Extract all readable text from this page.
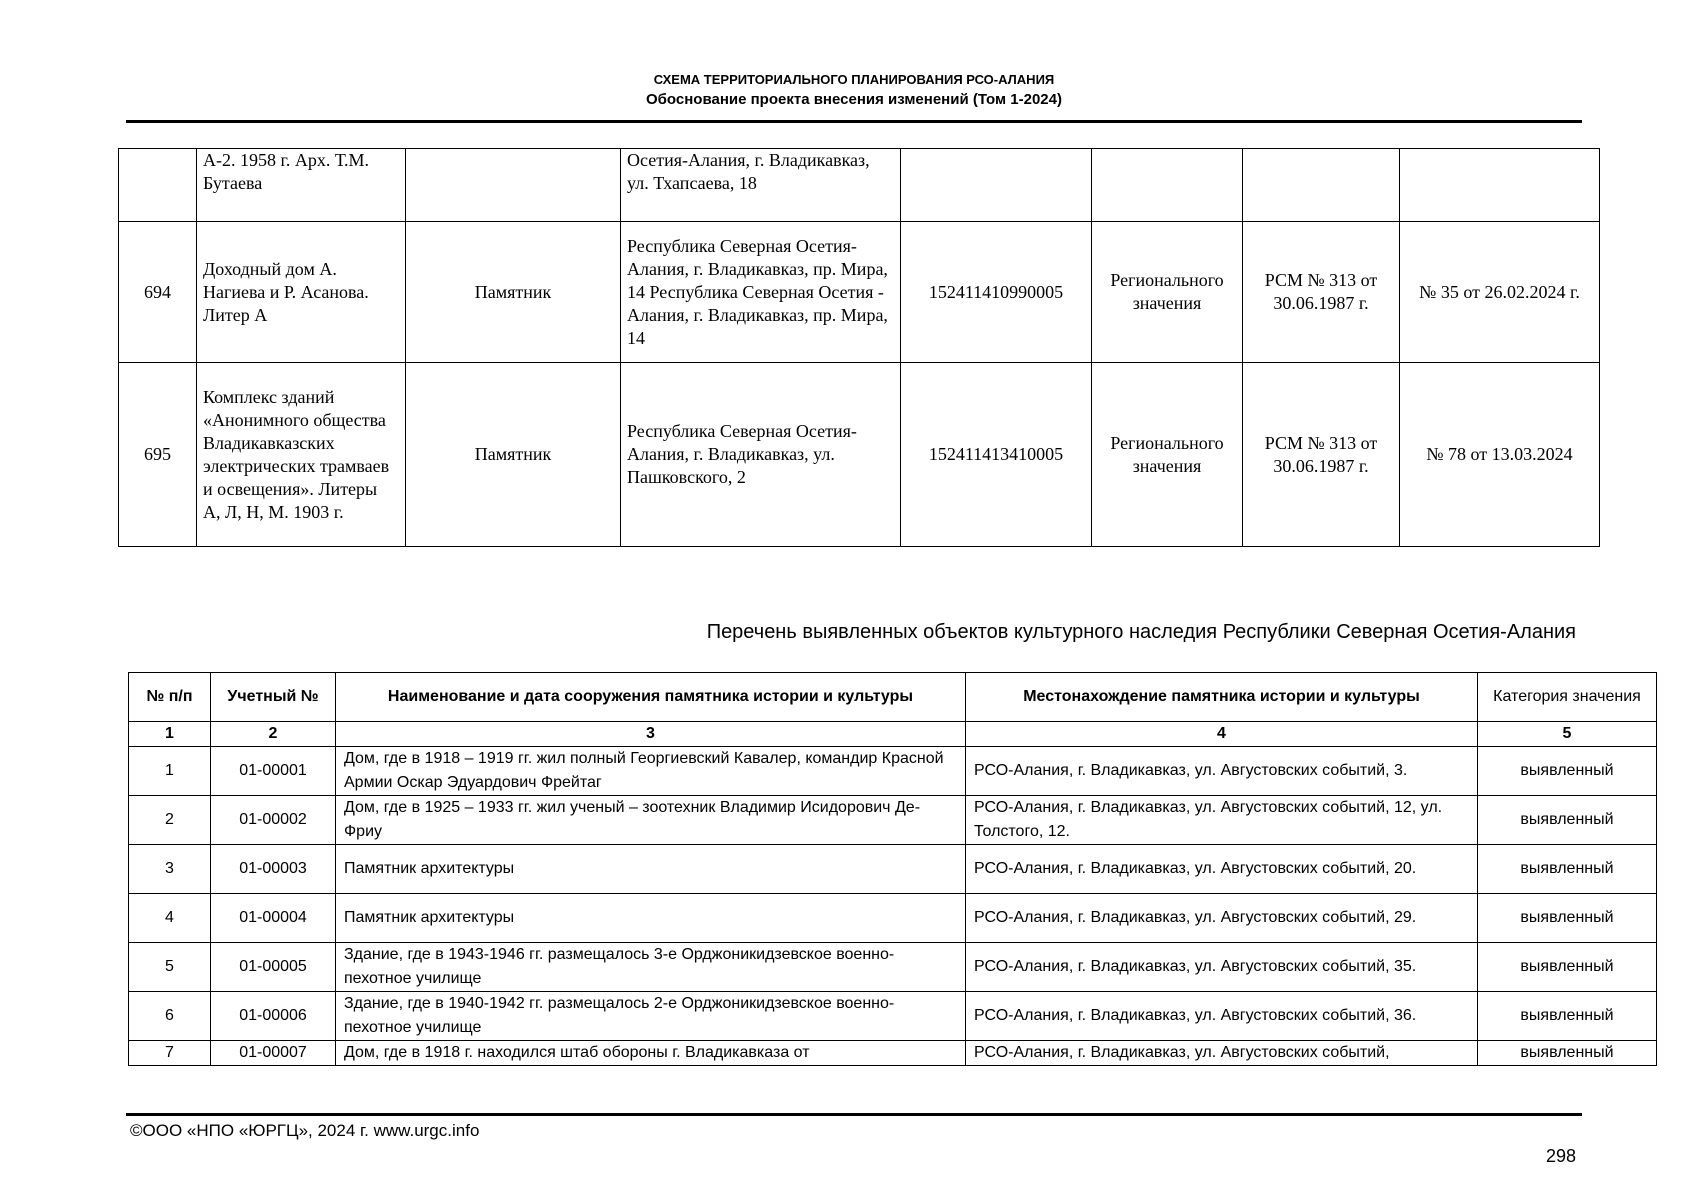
СХЕМА ТЕРРИТОРИАЛЬНОГО ПЛАНИРОВАНИЯ РСО-АЛАНИЯ
Обоснование проекта внесения изменений (Том 1-2024)
	А-2. 1958 г. Арх. Т.М. Бутаева		Осетия-Алания, г. Владикавказ, ул. Тхапсаева, 18				
694	Доходный дом А. Нагиева и Р. Асанова. Литер А	Памятник	Республика Северная Осетия-Алания, г. Владикавказ, пр. Мира, 14 Республика Северная Осетия - Алания, г. Владикавказ, пр. Мира, 14	152411410990005	Регионального значения	РСМ № 313 от 30.06.1987 г.	№ 35 от 26.02.2024 г.
695	Комплекс зданий «Анонимного общества Владикавказских электрических трамваев и освещения». Литеры А, Л, Н, М. 1903 г.	Памятник	Республика Северная Осетия-Алания, г. Владикавказ, ул. Пашковского, 2	152411413410005	Регионального значения	РСМ № 313 от 30.06.1987 г.	№ 78 от 13.03.2024
Перечень выявленных объектов культурного наследия Республики Северная Осетия-Алания
№ п/п	Учетный №	Наименование и дата сооружения памятника истории и культуры	Местонахождение памятника истории и культуры	Категория значения
1	2	3	4	5
1	01-00001	Дом, где в 1918 – 1919 гг. жил полный Георгиевский Кавалер, командир Красной Армии Оскар Эдуардович Фрейтаг	РСО-Алания, г. Владикавказ, ул. Августовских событий, 3.	выявленный
2	01-00002	Дом, где в 1925 – 1933 гг. жил ученый – зоотехник Владимир Исидорович Де-Фриу	РСО-Алания, г. Владикавказ, ул. Августовских событий, 12, ул. Толстого, 12.	выявленный
3	01-00003	Памятник архитектуры	РСО-Алания, г. Владикавказ, ул. Августовских событий, 20.	выявленный
4	01-00004	Памятник архитектуры	РСО-Алания, г. Владикавказ, ул. Августовских событий, 29.	выявленный
5	01-00005	Здание, где в 1943-1946 гг. размещалось 3-е Орджоникидзевское военно-пехотное училище	РСО-Алания, г. Владикавказ, ул. Августовских событий, 35.	выявленный
6	01-00006	Здание, где в 1940-1942 гг. размещалось 2-е Орджоникидзевское военно-пехотное училище	РСО-Алания, г. Владикавказ, ул. Августовских событий, 36.	выявленный
7	01-00007	Дом, где в 1918 г. находился штаб обороны г. Владикавказа от	РСО-Алания, г. Владикавказ, ул. Августовских событий,	выявленный
©ООО «НПО «ЮРГЦ», 2024 г. www.urgc.info
298
